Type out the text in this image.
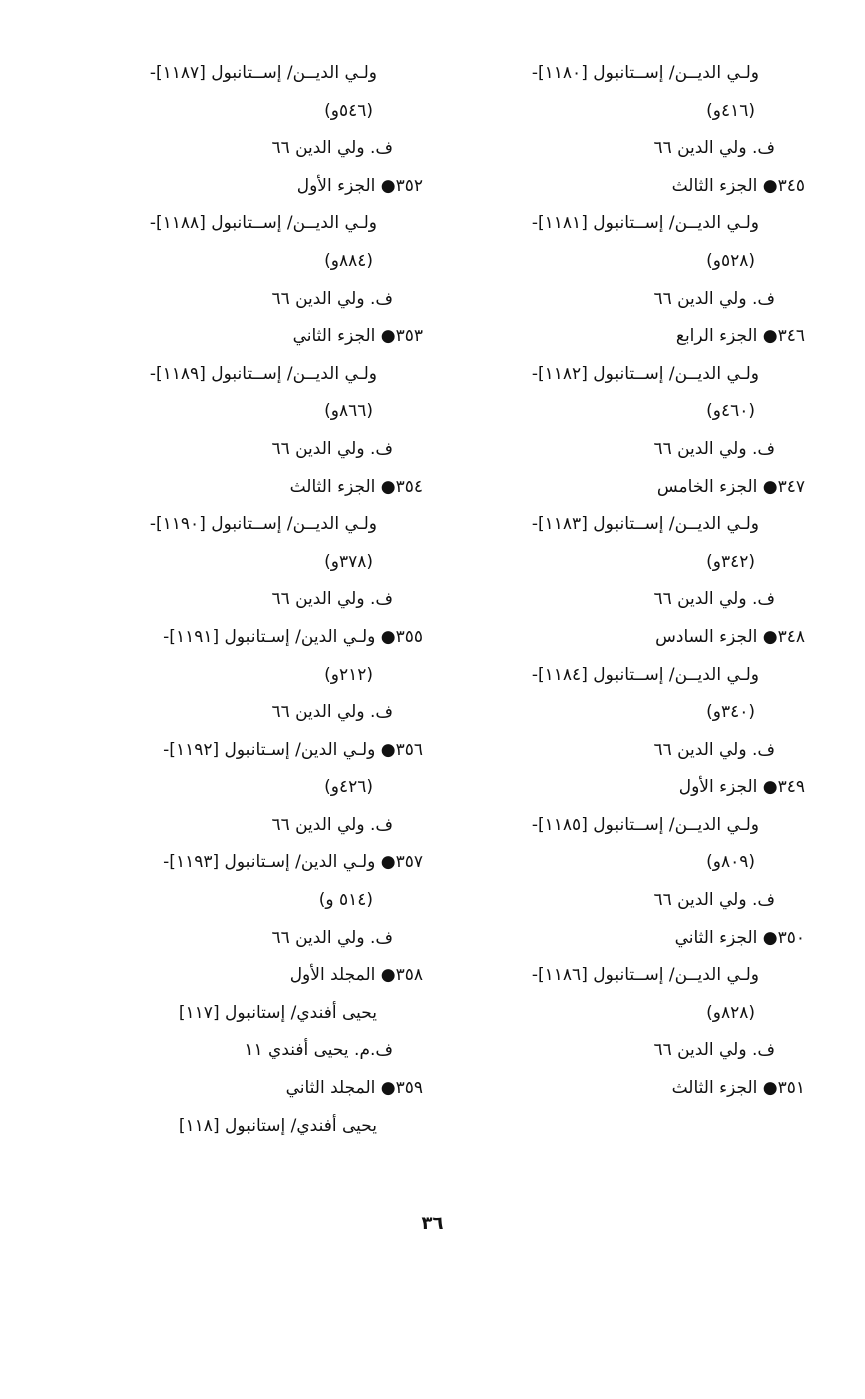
ولـي الديــن/ إســتانبول [١١٨٠]-
(٤١٦و)
ف. ولي الدين ٦٦
٣٤٥● الجزء الثالث
ولـي الديــن/ إســتانبول [١١٨١]-
(٥٢٨و)
ف. ولي الدين ٦٦
٣٤٦● الجزء الرابع
ولـي الديــن/ إســتانبول [١١٨٢]-
(٤٦٠و)
ف. ولي الدين ٦٦
٣٤٧● الجزء الخامس
ولـي الديــن/ إســتانبول [١١٨٣]-
(٣٤٢و)
ف. ولي الدين ٦٦
٣٤٨● الجزء السادس
ولـي الديــن/ إســتانبول [١١٨٤]-
(٣٤٠و)
ف. ولي الدين ٦٦
٣٤٩● الجزء الأول
ولـي الديــن/ إســتانبول [١١٨٥]-
(٨٠٩و)
ف. ولي الدين ٦٦
٣٥٠● الجزء الثاني
ولـي الديــن/ إســتانبول [١١٨٦]-
(٨٢٨و)
ف. ولي الدين ٦٦
٣٥١● الجزء الثالث
ولـي الديــن/ إســتانبول [١١٨٧]-
(٥٤٦و)
ف. ولي الدين ٦٦
٣٥٢● الجزء الأول
ولـي الديــن/ إســتانبول [١١٨٨]-
(٨٨٤و)
ف. ولي الدين ٦٦
٣٥٣● الجزء الثاني
ولـي الديــن/ إســتانبول [١١٨٩]-
(٨٦٦و)
ف. ولي الدين ٦٦
٣٥٤● الجزء الثالث
ولـي الديــن/ إســتانبول [١١٩٠]-
(٣٧٨و)
ف. ولي الدين ٦٦
٣٥٥● ولـي الدين/ إسـتانبول [١١٩١]-
(٢١٢و)
ف. ولي الدين ٦٦
٣٥٦● ولـي الدين/ إسـتانبول [١١٩٢]-
(٤٢٦و)
ف. ولي الدين ٦٦
٣٥٧● ولـي الدين/ إسـتانبول [١١٩٣]-
(٥١٤ و)
ف. ولي الدين ٦٦
٣٥٨● المجلد الأول
يحيى أفندي/ إستانبول [١١٧]
ف.م. يحيى أفندي ١١
٣٥٩● المجلد الثاني
يحيى أفندي/ إستانبول [١١٨]
٣٦
